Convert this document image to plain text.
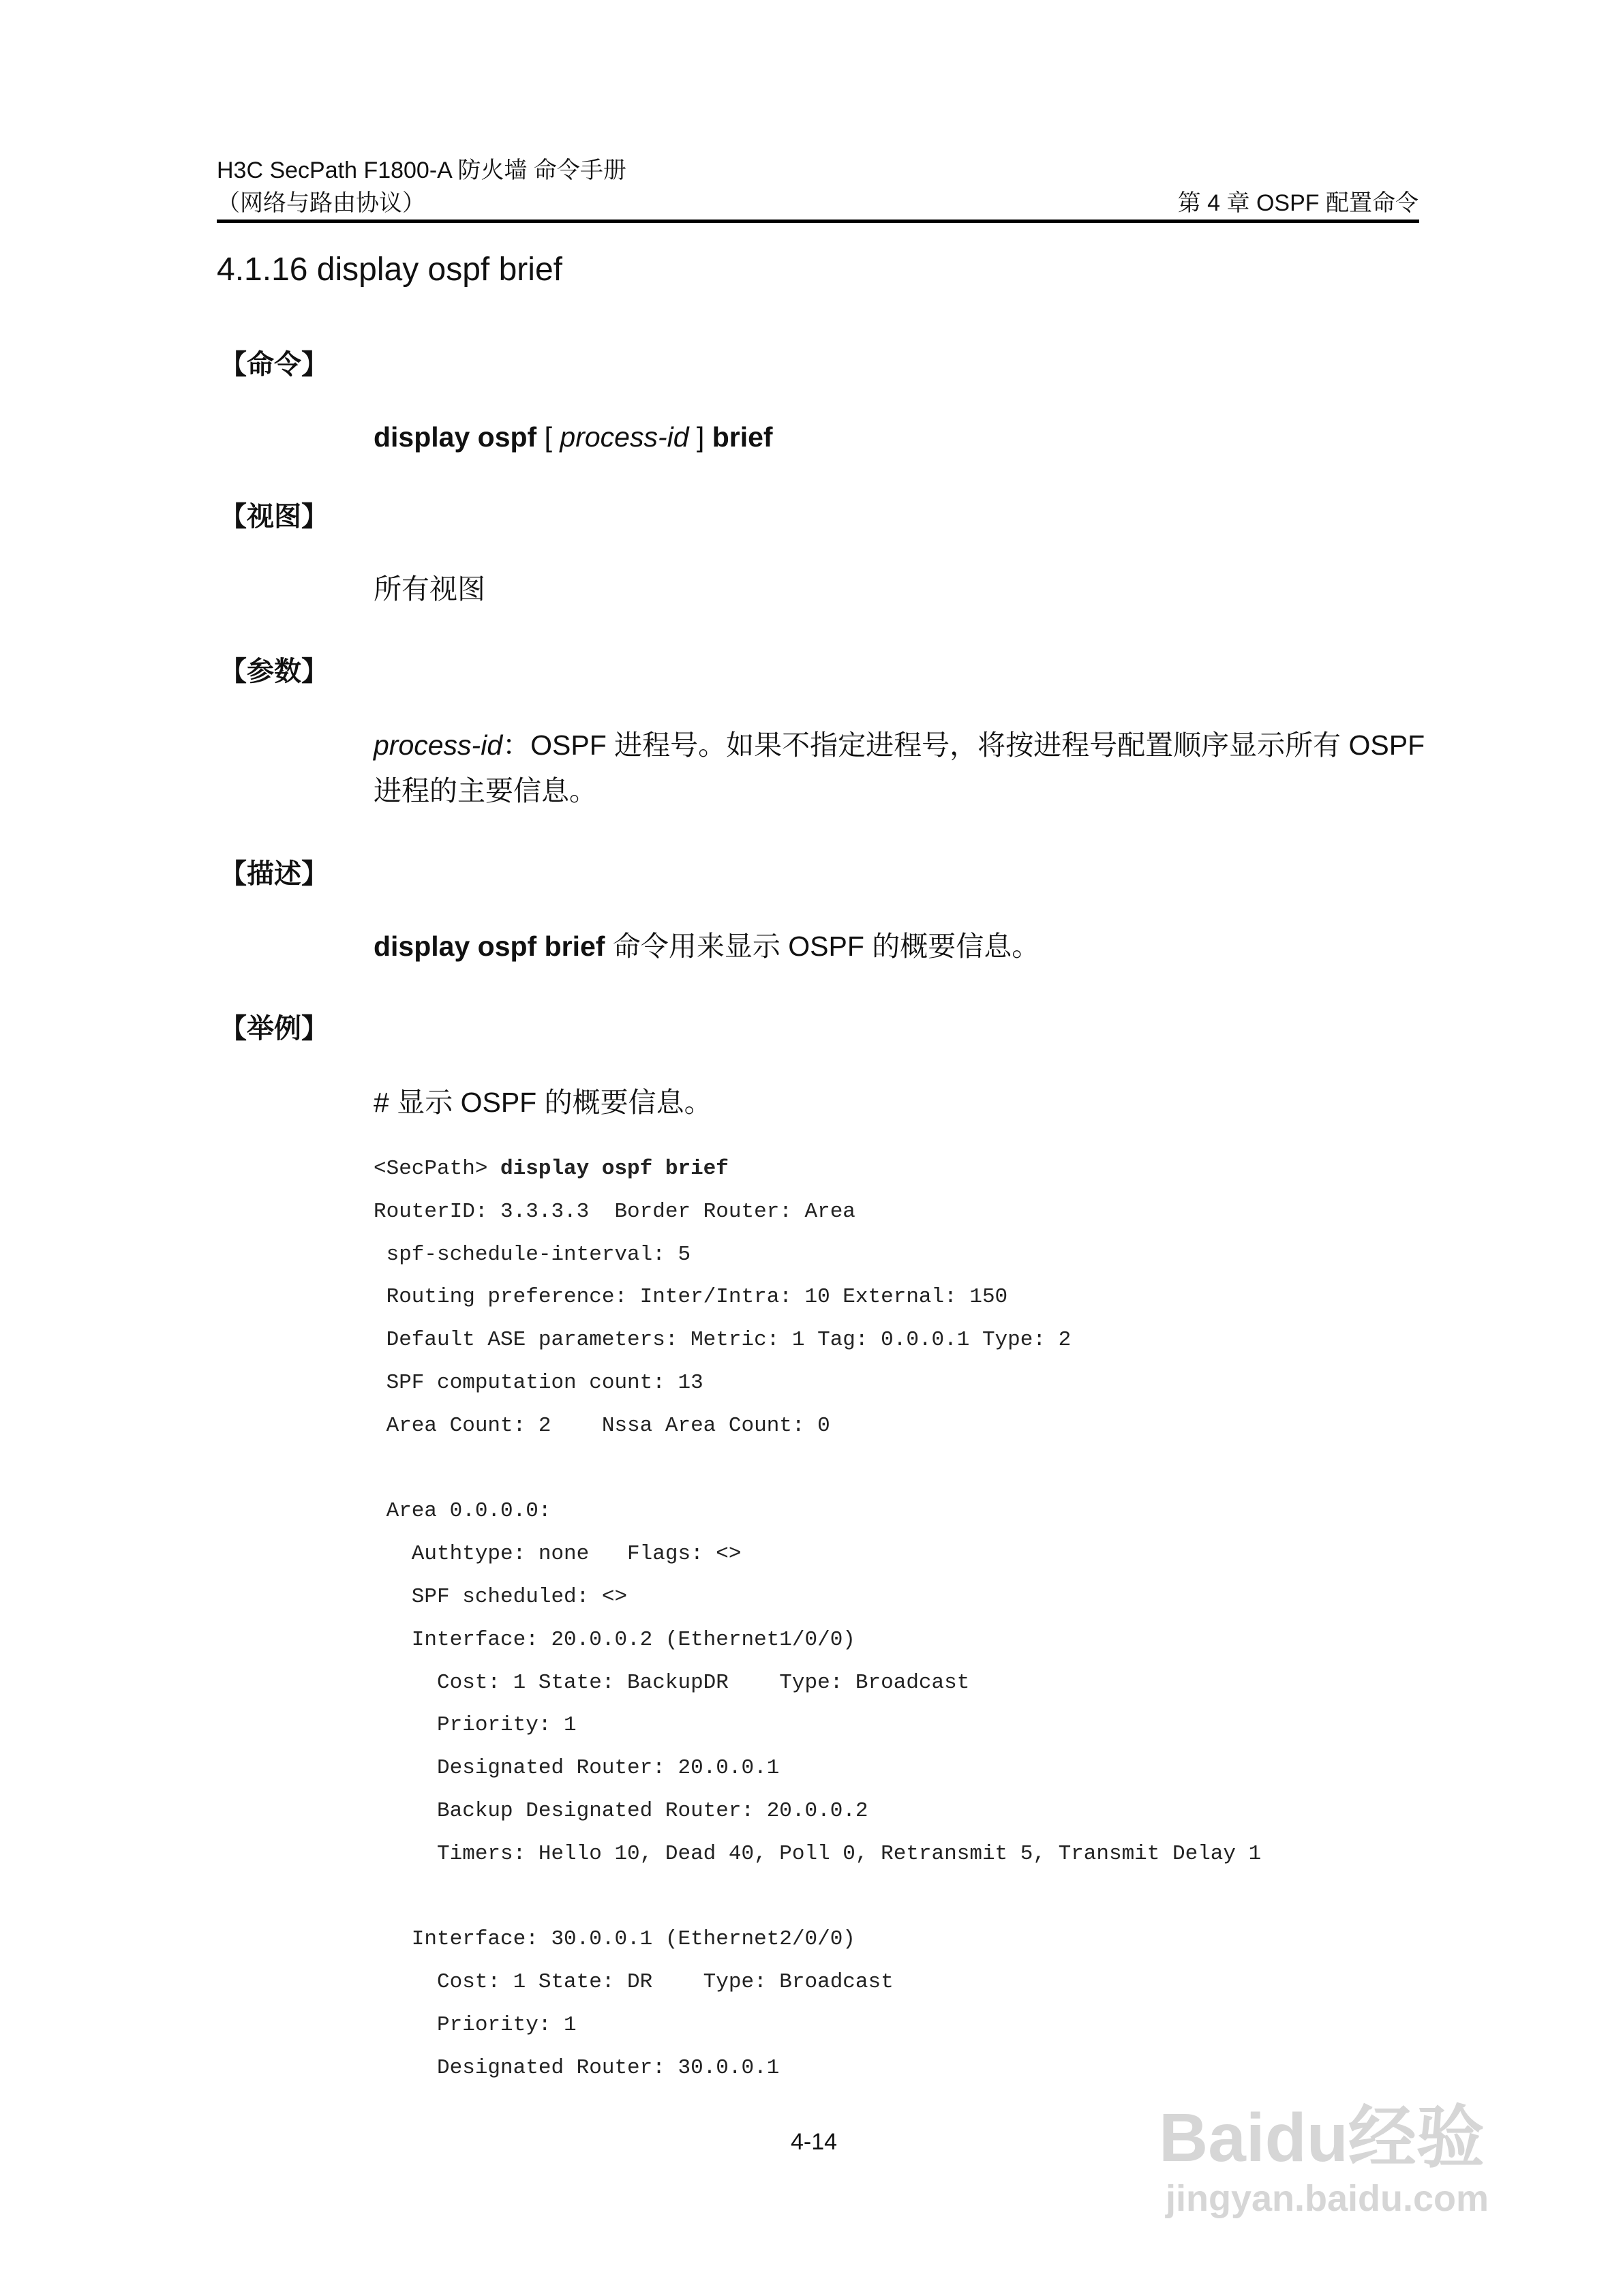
H3C SecPath F1800-A 防火墙 命令手册
（网络与路由协议）	第 4 章 OSPF 配置命令
4.1.16 display ospf brief
【命令】
display ospf [ process-id ] brief
【视图】
所有视图
【参数】
process-id：OSPF 进程号。如果不指定进程号，将按进程号配置顺序显示所有 OSPF
进程的主要信息。
【描述】
display ospf brief 命令用来显示 OSPF 的概要信息。
【举例】
# 显示 OSPF 的概要信息。
<SecPath> display ospf brief
RouterID: 3.3.3.3  Border Router: Area
spf-schedule-interval: 5
Routing preference: Inter/Intra: 10 External: 150
Default ASE parameters: Metric: 1 Tag: 0.0.0.1 Type: 2
SPF computation count: 13
Area Count: 2    Nssa Area Count: 0
Area 0.0.0.0:
Authtype: none   Flags: <>
SPF scheduled: <>
Interface: 20.0.0.2 (Ethernet1/0/0)
Cost: 1 State: BackupDR    Type: Broadcast
Priority: 1
Designated Router: 20.0.0.1
Backup Designated Router: 20.0.0.2
Timers: Hello 10, Dead 40, Poll 0, Retransmit 5, Transmit Delay 1
Interface: 30.0.0.1 (Ethernet2/0/0)
Cost: 1 State: DR    Type: Broadcast
Priority: 1
Designated Router: 30.0.0.1
4-14	Baidu经验
jingyan.baidu.com
